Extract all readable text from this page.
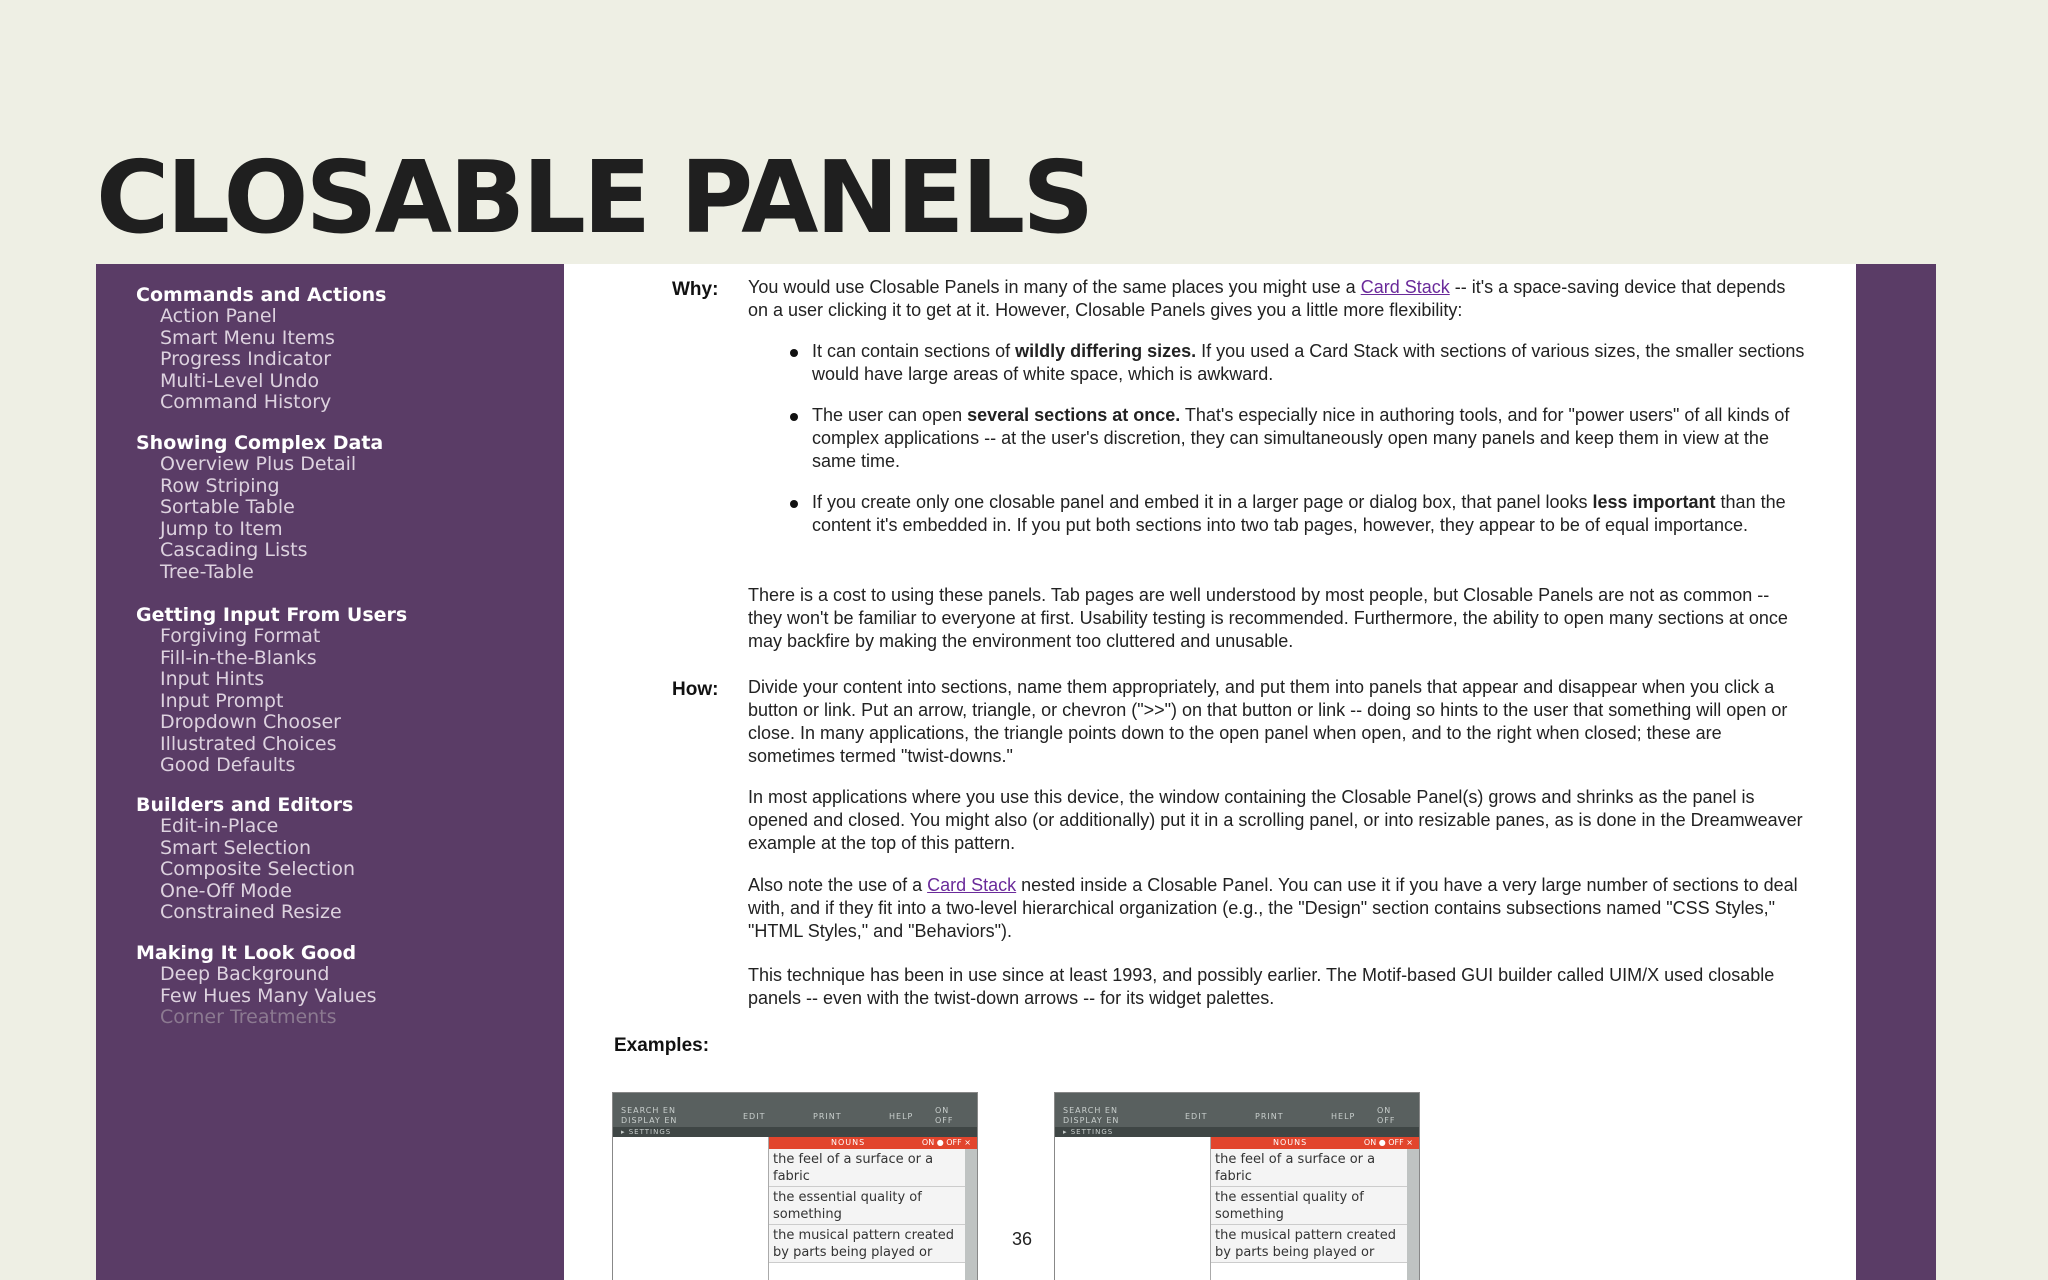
CLOSABLE PANELS

Commands and Actions

Action Panel
Smart Menu Items
Progress Indicator
Multi-Level Undo
Command History

Showing Complex Data

Overview Plus Detail
Row Striping
Sortable Table
Jump to Item
Cascading Lists
Tree-Table

Getting Input From Users

Forgiving Format
Fill-in-the-Blanks
Input Hints
Input Prompt
Dropdown Chooser
Illustrated Choices
Good Defaults

Builders and Editors

Edit-in-Place
Smart Selection
Composite Selection
One-Off Mode
Constrained Resize

Making It Look Good

Deep Background
Few Hues Many Values
Corner Treatments
Why: You would use Closable Panels in many of the same places you might use a Card Stack -- it's a space-saving device that depends on a user clicking it to get at it. However, Closable Panels gives you a little more flexibility:

It can contain sections of wildly differing sizes. If you used a Card Stack with sections of various sizes, the smaller sections would have large areas of white space, which is awkward.
The user can open several sections at once. That's especially nice in authoring tools, and for "power users" of all kinds of complex applications -- at the user's discretion, they can simultaneously open many panels and keep them in view at the same time.
If you create only one closable panel and embed it in a larger page or dialog box, that panel looks less important than the content it's embedded in. If you put both sections into two tab pages, however, they appear to be of equal importance.

There is a cost to using these panels. Tab pages are well understood by most people, but Closable Panels are not as common -- they won't be familiar to everyone at first. Usability testing is recommended. Furthermore, the ability to open many sections at once may backfire by making the environment too cluttered and unusable.

How: Divide your content into sections, name them appropriately, and put them into panels that appear and disappear when you click a button or link. Put an arrow, triangle, or chevron (">>") on that button or link -- doing so hints to the user that something will open or close. In many applications, the triangle points down to the open panel when open, and to the right when closed; these are sometimes termed "twist-downs."

In most applications where you use this device, the window containing the Closable Panel(s) grows and shrinks as the panel is opened and closed. You might also (or additionally) put it in a scrolling panel, or into resizable panes, as is done in the Dreamweaver example at the top of this pattern.

Also note the use of a Card Stack nested inside a Closable Panel. You can use it if you have a very large number of sections to deal with, and if they fit into a two-level hierarchical organization (e.g., the "Design" section contains subsections named "CSS Styles," "HTML Styles," and "Behaviors").

This technique has been in use since at least 1993, and possibly earlier. The Motif-based GUI builder called UIM/X used closable panels -- even with the twist-down arrows -- for its widget palettes.

Examples:
SEARCH EN
DISPLAY EN	EDIT	PRINT	HELP
ON
OFF
▸ SETTINGS
NOUNS	ON ● OFF ×
the feel of a surface or a fabric
the essential quality of something
the musical pattern created by parts being played or
SEARCH EN
DISPLAY EN	EDIT	PRINT	HELP
ON
OFF
▸ SETTINGS
NOUNS	ON ● OFF ×
the feel of a surface or a fabric
the essential quality of something
the musical pattern created by parts being played or
36
